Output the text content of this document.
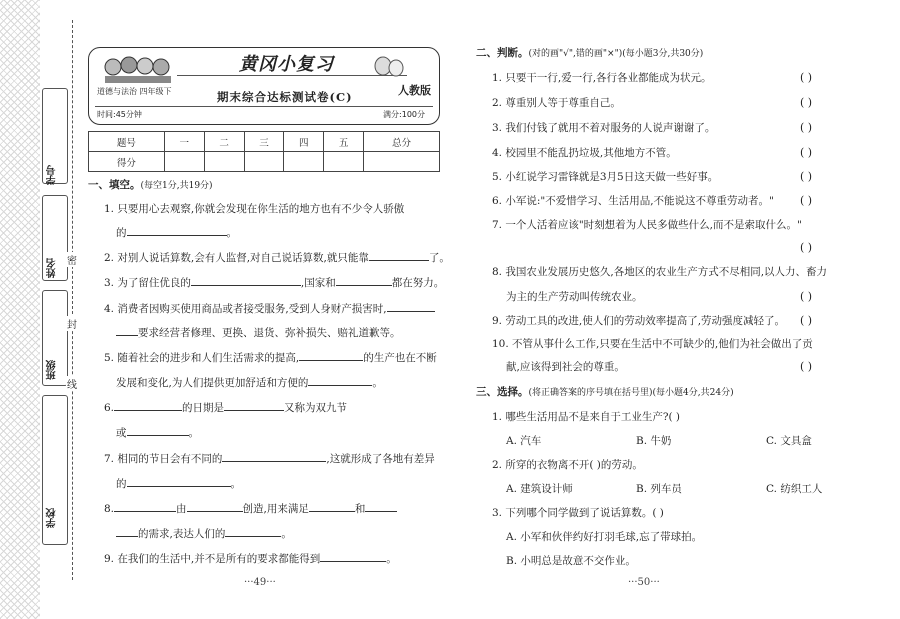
学号
姓名
班级
学校
密
封
线
黄冈小复习
人教版
道德与法治 四年级下	期末综合达标测试卷(C)
时间:45分钟	满分:100分
题号	一	二	三	四	五	总分
得分						
一、填空。(每空1分,共19分)
1. 只要用心去观察,你就会发现在你生活的地方也有不少令人骄傲
的	。
2. 对别人说话算数,会有人监督,对自己说话算数,就只能靠	了。
3. 为了留住优良的	,国家和	都在努力。
4. 消费者因购买使用商品或者接受服务,受到人身财产损害时,
要求经营者修理、更换、退货、弥补损失、赔礼道歉等。
5. 随着社会的进步和人们生活需求的提高,	的生产也在不断
发展和变化,为人们提供更加舒适和方便的	。
6.	的日期是	又称为双九节
或	。
7. 相同的节日会有不同的	,这就形成了各地有差异
的	。
8.	由	创造,用来满足	和
的需求,表达人们的	。
9. 在我们的生活中,并不是所有的要求都能得到	。
···49···
二、判断。(对的画"√",错的画"×")(每小题3分,共30分)
1. 只要干一行,爱一行,各行各业都能成为状元。	( )
2. 尊重别人等于尊重自己。	( )
3. 我们付钱了就用不着对服务的人说声谢谢了。	( )
4. 校园里不能乱扔垃圾,其他地方不管。	( )
5. 小红说学习雷锋就是3月5日这天做一些好事。	( )
6. 小军说:"不爱惜学习、生活用品,不能说这不尊重劳动者。" ( )
7. 一个人活着应该"时刻想着为人民多做些什么,而不是索取什么。"
( )
8. 我国农业发展历史悠久,各地区的农业生产方式不尽相同,以人力、畜力
为主的生产劳动叫传统农业。	( )
9. 劳动工具的改进,使人们的劳动效率提高了,劳动强度减轻了。 ( )
10. 不管从事什么工作,只要在生活中不可缺少的,他们为社会做出了贡
献,应该得到社会的尊重。	( )
三、选择。(将正确答案的序号填在括号里)(每小题4分,共24分)
1. 哪些生活用品不是来自于工业生产?( )
A. 汽车	B. 牛奶	C. 文具盒
2. 所穿的衣物离不开( )的劳动。
A. 建筑设计师	B. 列车员	C. 纺织工人
3. 下列哪个同学做到了说话算数。( )
A. 小军和伙伴约好打羽毛球,忘了带球拍。
B. 小明总是故意不交作业。
···50···
